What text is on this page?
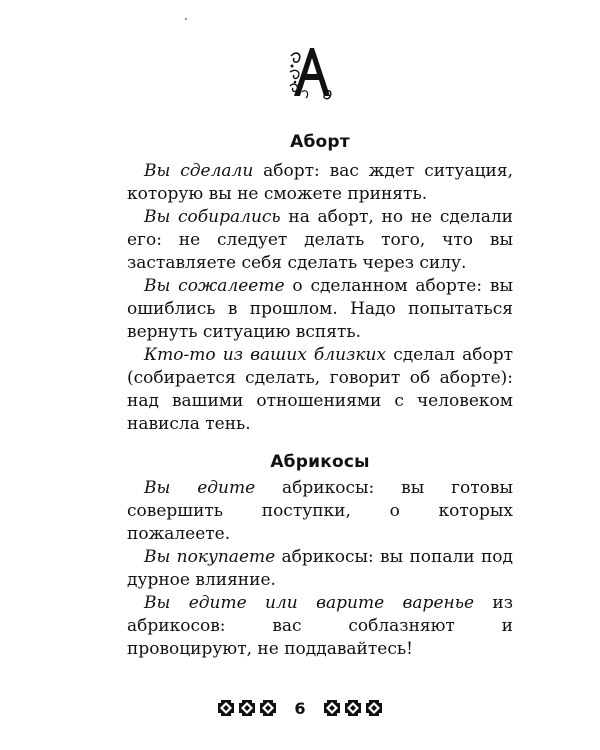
Аборт

Вы сделали аборт: вас ждет ситуация, которую вы не сможете принять.

Вы собирались на аборт, но не сделали его: не следует делать того, что вы заставляете себя сделать через силу.

Вы сожалеете о сделанном аборте: вы ошиблись в прошлом. Надо попытаться вернуть ситуацию вспять.

Кто-то из ваших близких сделал аборт (собирается сделать, говорит об аборте): над вашими отношениями с человеком нависла тень.

Абрикосы

Вы едите абрикосы: вы готовы совершить поступки, о которых пожалеете.

Вы покупаете абрикосы: вы попали под дурное влияние.

Вы едите или варите варенье из абрикосов: вас соблазняют и провоцируют, не поддавайтесь!

6
